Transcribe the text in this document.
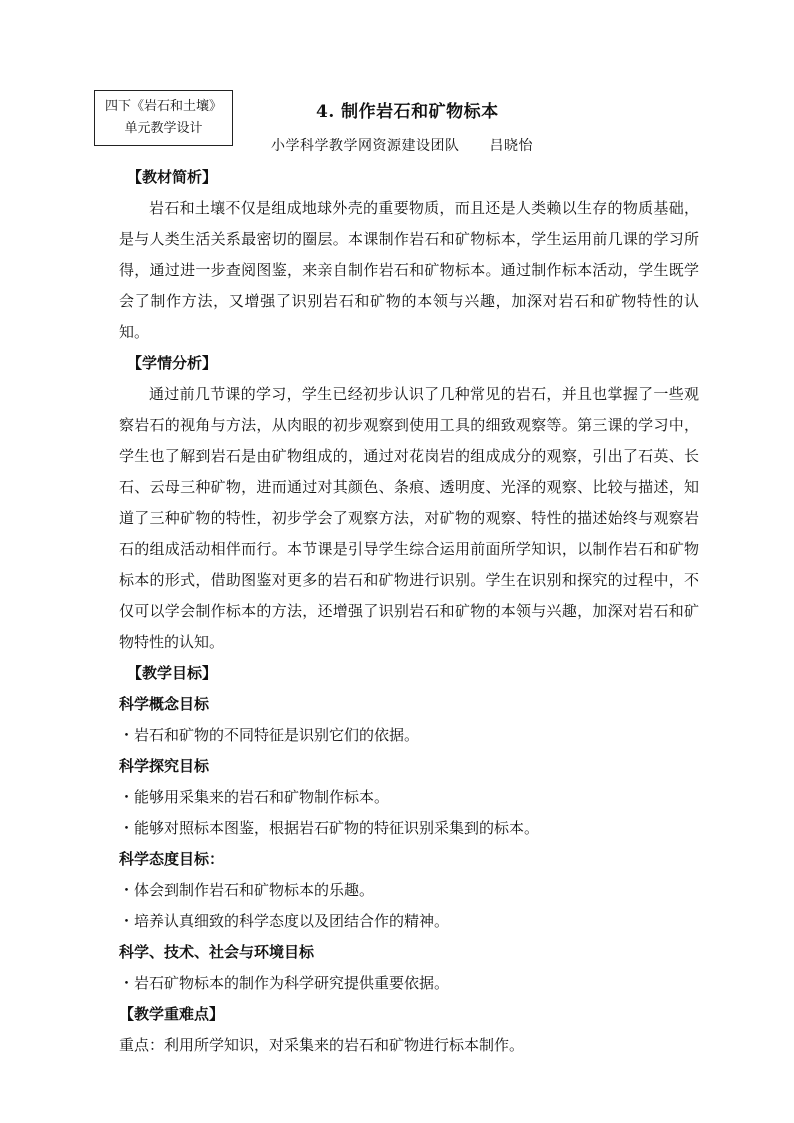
四下《岩石和土壤》
单元教学设计
4. 制作岩石和矿物标本
小学科学教学网资源建设团队 吕晓怡
【教材简析】

岩石和土壤不仅是组成地球外壳的重要物质，而且还是人类赖以生存的物质基础，是与人类生活关系最密切的圈层。本课制作岩石和矿物标本，学生运用前几课的学习所得，通过进一步查阅图鉴，来亲自制作岩石和矿物标本。通过制作标本活动，学生既学会了制作方法，又增强了识别岩石和矿物的本领与兴趣，加深对岩石和矿物特性的认知。

【学情分析】

通过前几节课的学习，学生已经初步认识了几种常见的岩石，并且也掌握了一些观察岩石的视角与方法，从肉眼的初步观察到使用工具的细致观察等。第三课的学习中，学生也了解到岩石是由矿物组成的，通过对花岗岩的组成成分的观察，引出了石英、长石、云母三种矿物，进而通过对其颜色、条痕、透明度、光泽的观察、比较与描述，知道了三种矿物的特性，初步学会了观察方法，对矿物的观察、特性的描述始终与观察岩石的组成活动相伴而行。本节课是引导学生综合运用前面所学知识，以制作岩石和矿物标本的形式，借助图鉴对更多的岩石和矿物进行识别。学生在识别和探究的过程中，不仅可以学会制作标本的方法，还增强了识别岩石和矿物的本领与兴趣，加深对岩石和矿物特性的认知。

【教学目标】
科学概念目标

・岩石和矿物的不同特征是识别它们的依据。

科学探究目标

・能够用采集来的岩石和矿物制作标本。

・能够对照标本图鉴，根据岩石矿物的特征识别采集到的标本。

科学态度目标：

・体会到制作岩石和矿物标本的乐趣。

・培养认真细致的科学态度以及团结合作的精神。

科学、技术、社会与环境目标

・岩石矿物标本的制作为科学研究提供重要依据。

【教学重难点】

重点：利用所学知识，对采集来的岩石和矿物进行标本制作。
